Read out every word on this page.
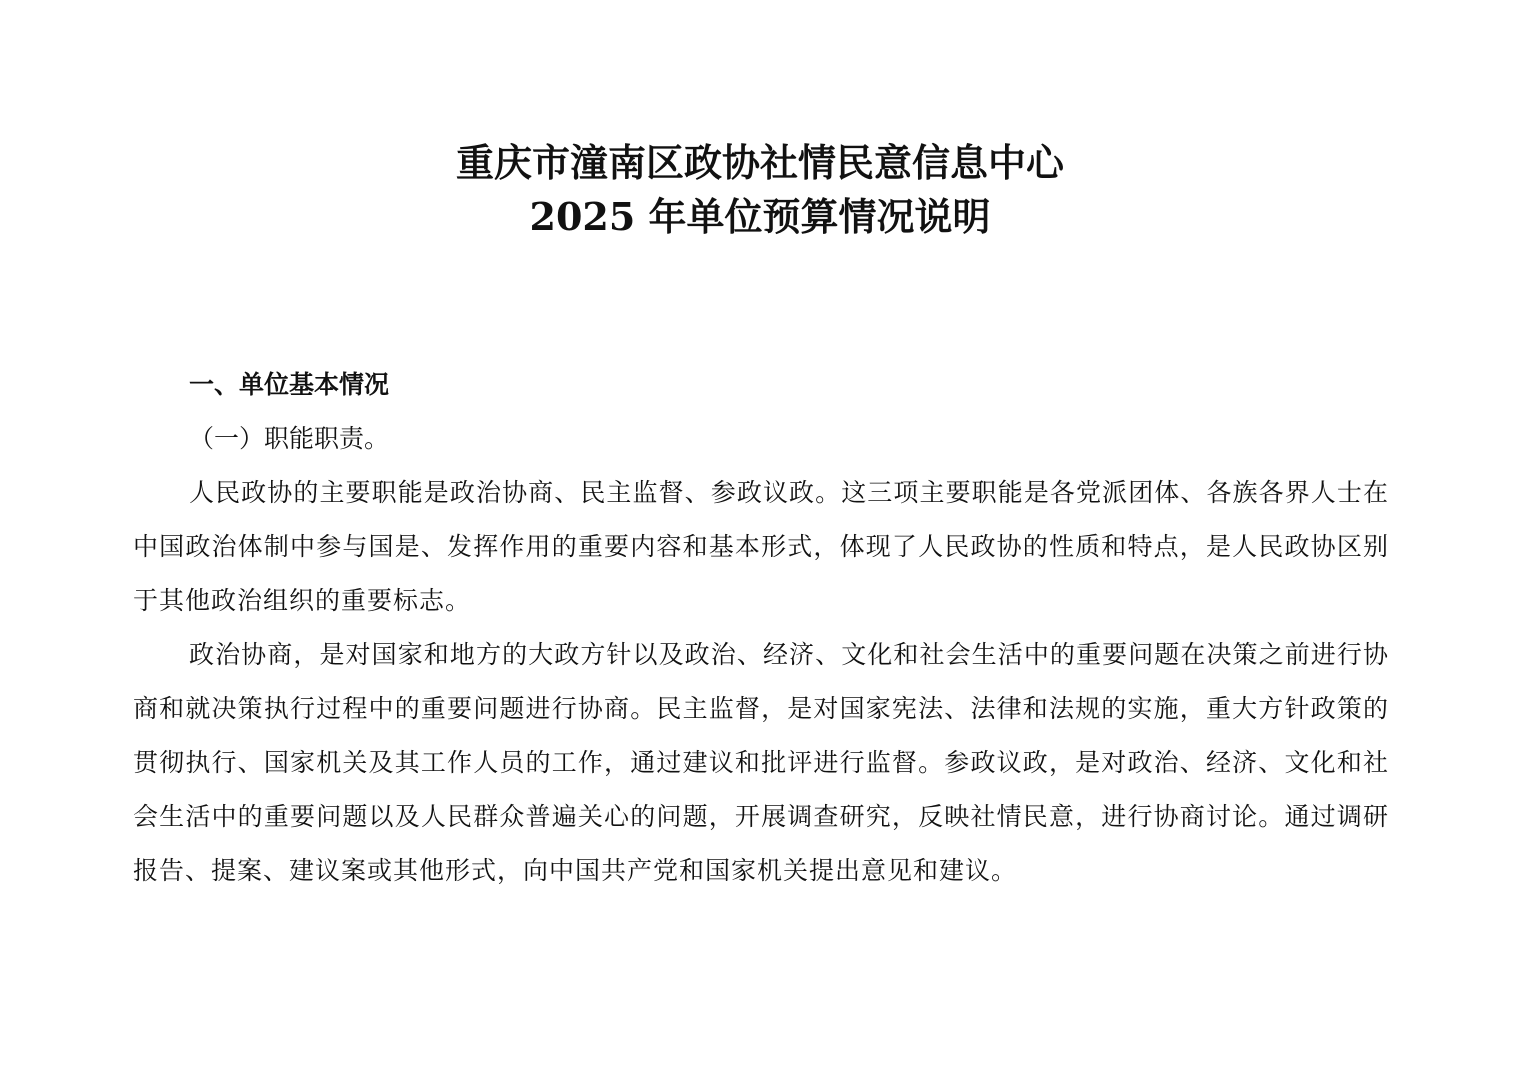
重庆市潼南区政协社情民意信息中心
2025 年单位预算情况说明

一、单位基本情况

（一）职能职责。

人民政协的主要职能是政治协商、民主监督、参政议政。这三项主要职能是各党派团体、各族各界人士在中国政治体制中参与国是、发挥作用的重要内容和基本形式，体现了人民政协的性质和特点，是人民政协区别于其他政治组织的重要标志。

政治协商，是对国家和地方的大政方针以及政治、经济、文化和社会生活中的重要问题在决策之前进行协商和就决策执行过程中的重要问题进行协商。民主监督，是对国家宪法、法律和法规的实施，重大方针政策的贯彻执行、国家机关及其工作人员的工作，通过建议和批评进行监督。参政议政，是对政治、经济、文化和社会生活中的重要问题以及人民群众普遍关心的问题，开展调查研究，反映社情民意，进行协商讨论。通过调研报告、提案、建议案或其他形式，向中国共产党和国家机关提出意见和建议。
